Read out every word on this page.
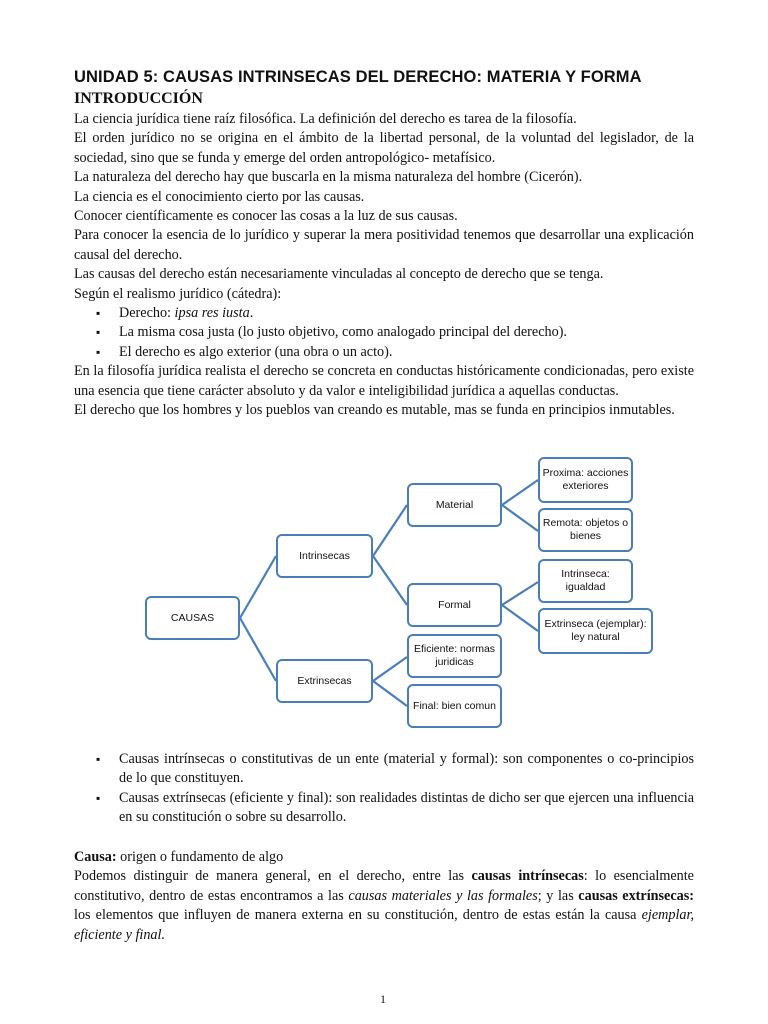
UNIDAD 5: CAUSAS INTRINSECAS DEL DERECHO: MATERIA Y FORMA
INTRODUCCIÓN

La ciencia jurídica tiene raíz filosófica. La definición del derecho es tarea de la filosofía.

El orden jurídico no se origina en el ámbito de la libertad personal, de la voluntad del legislador, de la sociedad, sino que se funda y emerge del orden antropológico- metafísico.

La naturaleza del derecho hay que buscarla en la misma naturaleza del hombre (Cicerón).

La ciencia es el conocimiento cierto por las causas.

Conocer científicamente es conocer las cosas a la luz de sus causas.

Para conocer la esencia de lo jurídico y superar la mera positividad tenemos que desarrollar una explicación causal del derecho.

Las causas del derecho están necesariamente vinculadas al concepto de derecho que se tenga.

Según el realismo jurídico (cátedra):

▪ Derecho: ipsa res iusta.
▪ La misma cosa justa (lo justo objetivo, como analogado principal del derecho).
▪ El derecho es algo exterior (una obra o un acto).

En la filosofía jurídica realista el derecho se concreta en conductas históricamente condicionadas, pero existe una esencia que tiene carácter absoluto y da valor e inteligibilidad jurídica a aquellas conductas.

El derecho que los hombres y los pueblos van creando es mutable, mas se funda en principios inmutables.

CAUSAS
Intrinsecas
Extrinsecas
Material
Formal
Proxima: acciones exteriores
Remota: objetos o bienes
Intrinseca: igualdad
Extrinseca (ejemplar): ley natural
Eficiente: normas juridicas
Final: bien comun
▪ Causas intrínsecas o constitutivas de un ente (material y formal): son componentes o co-principios de lo que constituyen.
▪ Causas extrínsecas (eficiente y final): son realidades distintas de dicho ser que ejercen una influencia en su constitución o sobre su desarrollo.

Causa: origen o fundamento de algo

Podemos distinguir de manera general, en el derecho, entre las causas intrínsecas: lo esencialmente constitutivo, dentro de estas encontramos a las causas materiales y las formales; y las causas extrínsecas: los elementos que influyen de manera externa en su constitución, dentro de estas están la causa ejemplar, eficiente y final.

1
